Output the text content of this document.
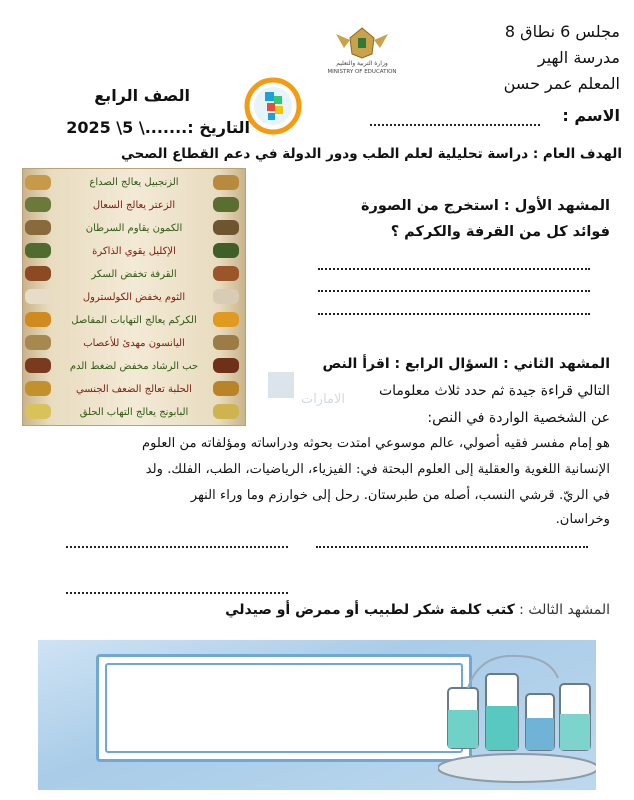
مجلس 6 نطاق 8
مدرسة الهير
المعلم عمر حسن
الاسم :
وزارة التربية والتعليم
MINISTRY OF EDUCATION
الصف الرابع
التاريخ :.......\ 5\ 2025
الهدف العام : دراسة تحليلية لعلم الطب ودور الدولة في دعم القطاع الصحي
الزنجبيل يعالج الصداع
الزعتر يعالج السعال
الكمون يقاوم السرطان
الإكليل يقوي الذاكرة
القرفة تخفض السكر
الثوم يخفض الكولسترول
الكركم يعالج التهابات المفاصل
اليانسون مهدئ للأعصاب
حب الرشاد مخفض لضغط الدم
الحلبة تعالج الضعف الجنسي
البابونج يعالج التهاب الحلق
المشهد الأول : استخرج من الصورة
فوائد كل من القرفة والكركم ؟
الامارات
المشهد الثاني : السؤال الرابع : اقرأ النص
التالي قراءة جيدة ثم حدد ثلاث معلومات
عن الشخصية الواردة في النص:
هو إمام مفسر فقيه أصولي، عالم موسوعي امتدت بحوثه ودراساته ومؤلفاته من العلوم
الإنسانية اللغوية والعقلية إلى العلوم البحتة في: الفيزياء، الرياضيات، الطب، الفلك. ولد
في الريّ. قرشي النسب، أصله من طبرستان. رحل إلى خوارزم وما وراء النهر
وخراسان.
المشهد الثالث : كتب كلمة شكر لطبيب أو ممرض أو صيدلي
